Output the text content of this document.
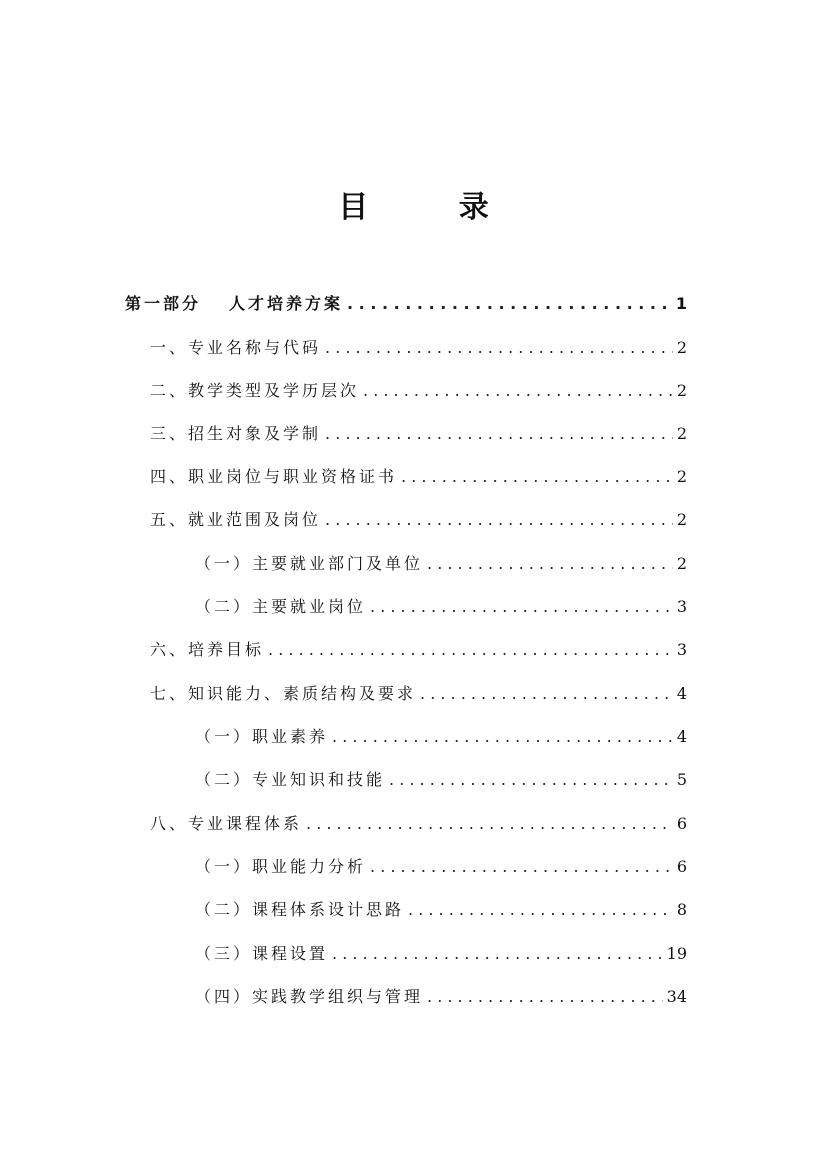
目 录
第一部分 人才培养方案 . . .	1
一、专业名称与代码 . . .	2
二、教学类型及学历层次 . . .	2
三、招生对象及学制 . . .	2
四、职业岗位与职业资格证书 . . .	2
五、就业范围及岗位 . . .	2
（一）主要就业部门及单位 . . .	2
（二）主要就业岗位 . . .	3
六、培养目标 . . .	3
七、知识能力、素质结构及要求 . . .	4
（一）职业素养 . . .	4
（二）专业知识和技能 . . .	5
八、专业课程体系 . . .	6
（一）职业能力分析 . . .	6
（二）课程体系设计思路 . . .	8
（三）课程设置 . . .	19
（四）实践教学组织与管理 . . .	34
